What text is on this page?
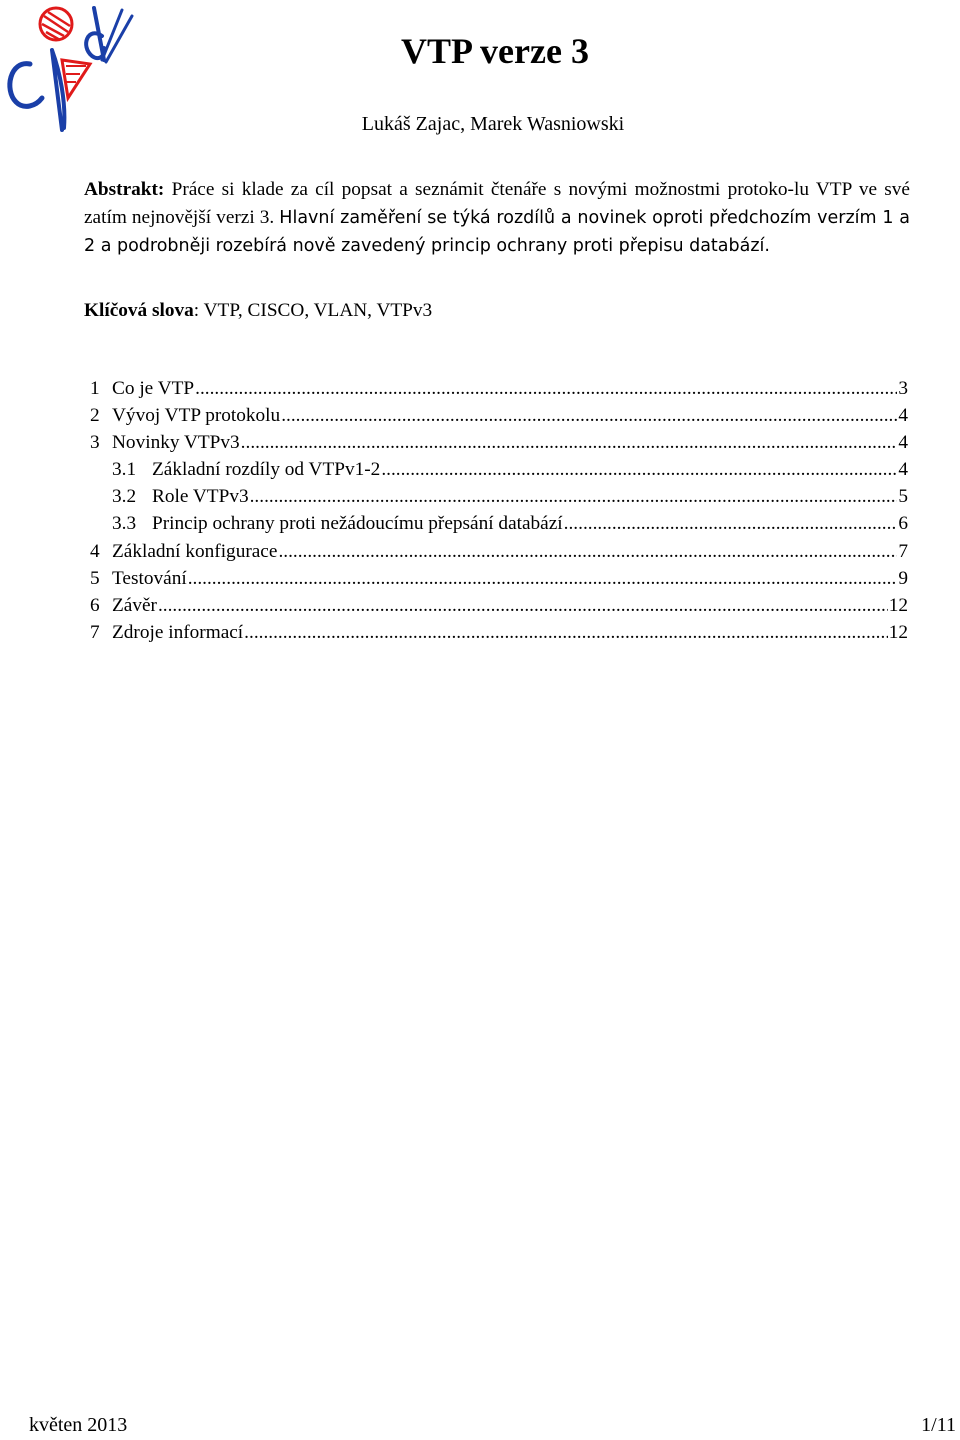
VTP verze 3
Lukáš Zajac, Marek Wasniowski

Abstrakt: Práce si klade za cíl popsat a seznámit čtenáře s novými možnostmi protoko-lu VTP ve své zatím nejnovější verzi 3. Hlavní zaměření se týká rozdílů a novinek oproti předchozím verzím 1 a 2 a podrobněji rozebírá nově zavedený princip ochrany proti přepisu databází.

Klíčová slova: VTP, CISCO, VLAN, VTPv3

1 Co je VTP .....	3
2 Vývoj VTP protokolu .....	4
3 Novinky VTPv3 .....	4
3.1 Základní rozdíly od VTPv1-2 .....	4
3.2 Role VTPv3 .....	5
3.3 Princip ochrany proti nežádoucímu přepsání databází .....	6
4 Základní konfigurace .....	7
5 Testování .....	9
6 Závěr .....	12
7 Zdroje informací .....	12
květen 2013	1/11
